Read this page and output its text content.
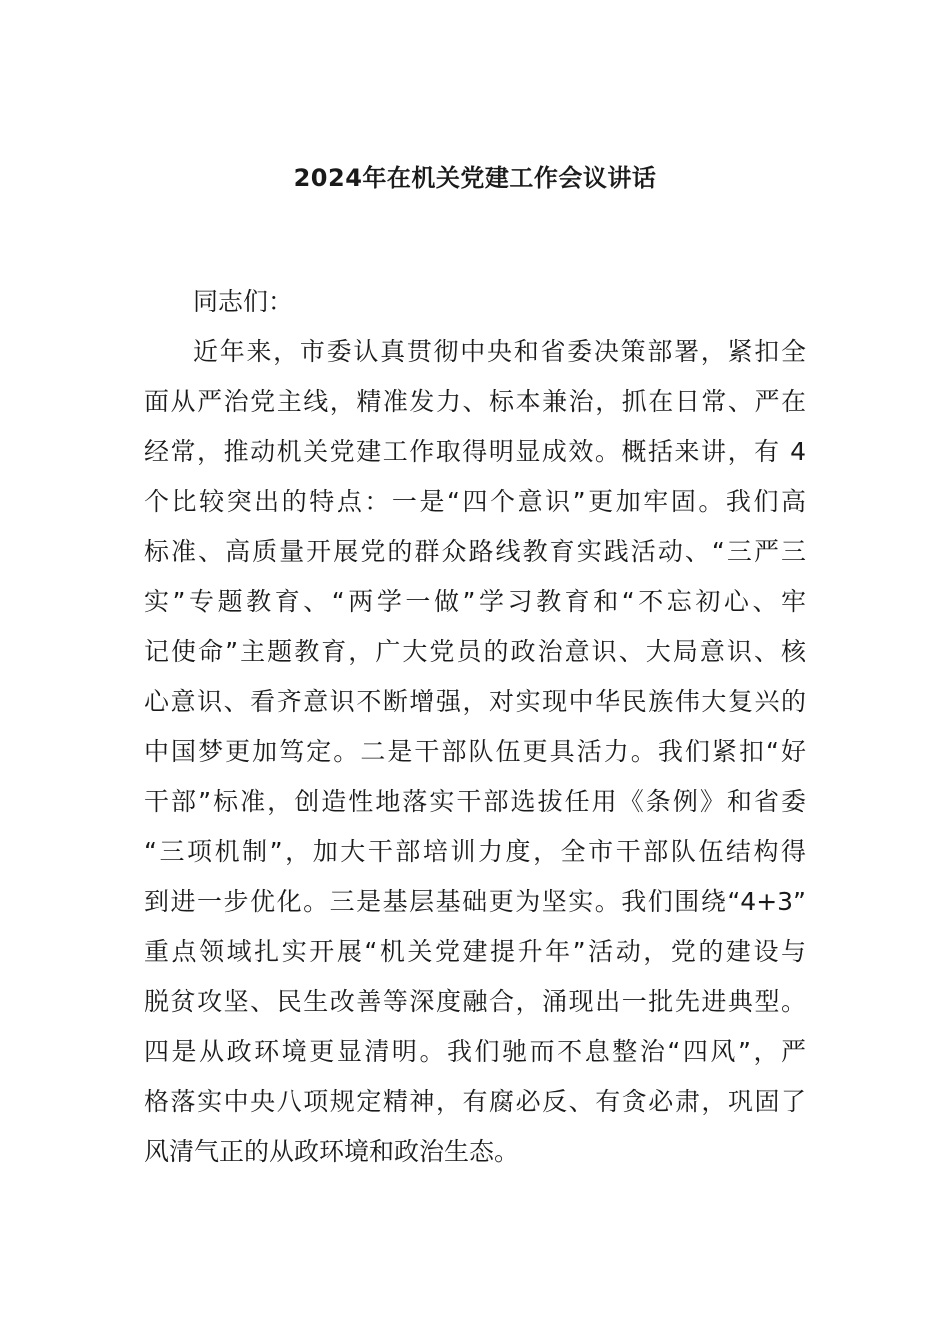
2024年在机关党建工作会议讲话
同志们：
近年来，市委认真贯彻中央和省委决策部署，紧扣全
面从严治党主线，精准发力、标本兼治，抓在日常、严在
经常，推动机关党建工作取得明显成效。概括来讲，有 4
个比较突出的特点：一是“四个意识”更加牢固。我们高
标准、高质量开展党的群众路线教育实践活动、“三严三
实”专题教育、“两学一做”学习教育和“不忘初心、牢
记使命”主题教育，广大党员的政治意识、大局意识、核
心意识、看齐意识不断增强，对实现中华民族伟大复兴的
中国梦更加笃定。二是干部队伍更具活力。我们紧扣“好
干部”标准，创造性地落实干部选拔任用《条例》和省委
“三项机制”，加大干部培训力度，全市干部队伍结构得
到进一步优化。三是基层基础更为坚实。我们围绕“4+3”
重点领域扎实开展“机关党建提升年”活动，党的建设与
脱贫攻坚、民生改善等深度融合，涌现出一批先进典型。
四是从政环境更显清明。我们驰而不息整治“四风”，严
格落实中央八项规定精神，有腐必反、有贪必肃，巩固了
风清气正的从政环境和政治生态。
